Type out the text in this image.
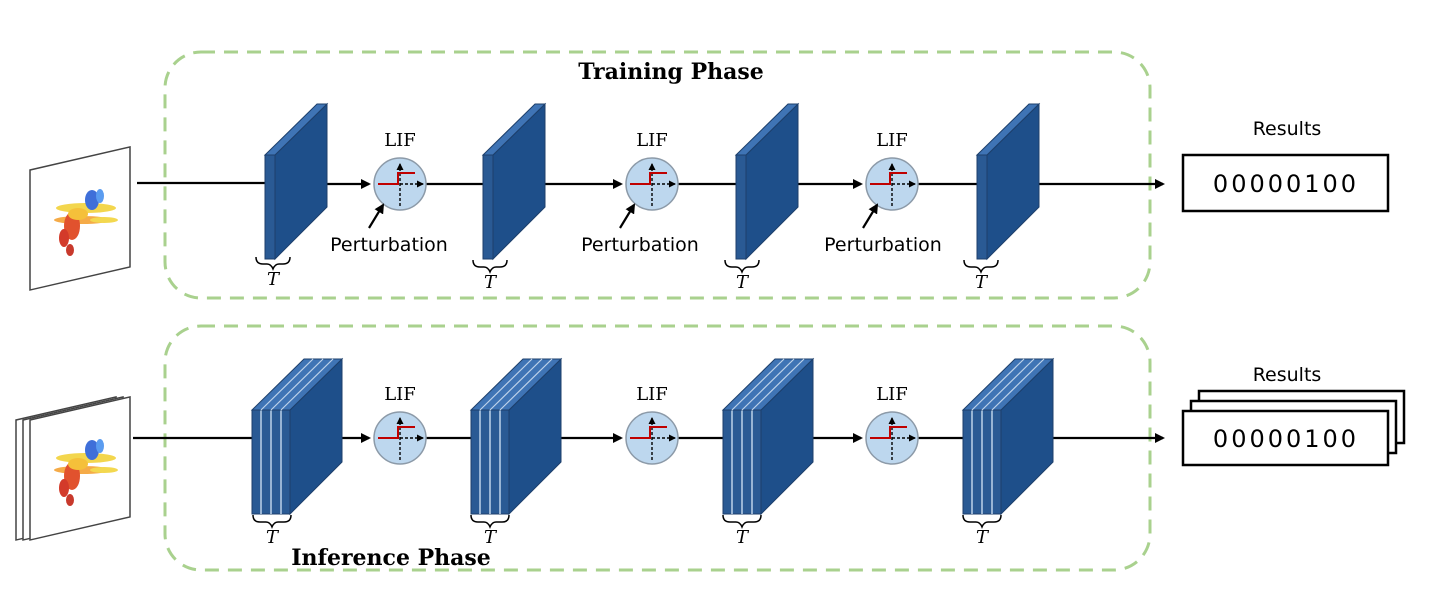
Training Phase
LIF	LIF	LIF
Perturbation	Perturbation	Perturbation
T	T	T	T
Results
00000100
Inference Phase
LIF	LIF	LIF
T	T	T	T
Results
00000100
